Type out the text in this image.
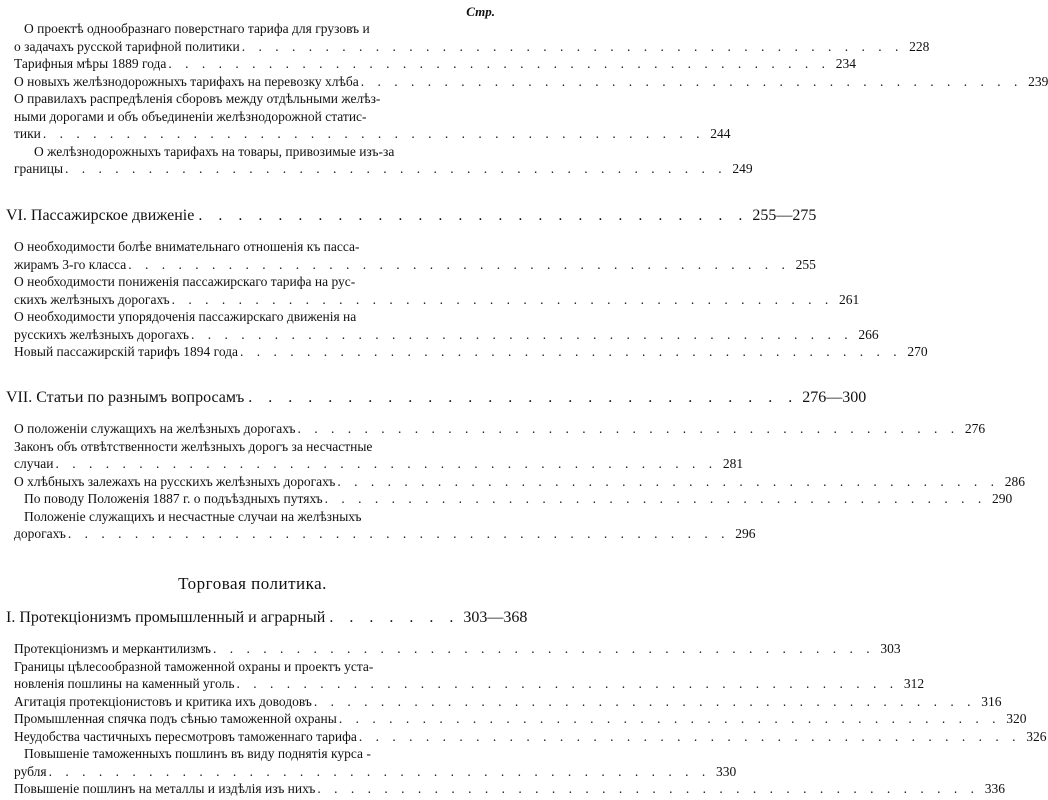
Стр.
О проектѣ однообразнаго поверстнаго тарифа для грузовъ и
о задачахъ русской тарифной политики . . . . . . . . . . . . . . . . . . . . . . . . . . . . . . . . . . . . . . . . 228
Тарифныя мѣры 1889 года . . . . . . . . . . . . . . . . . . . . . . . . . . . . . . . . . . . . . . . . 234
О новыхъ желѣзнодорожныхъ тарифахъ на перевозку хлѣба . . . . . . . . . . . . . . . . . . . . . . . . . . . . . . . . . . . . . . . . 239
О правилахъ распредѣленія сборовъ между отдѣльными желѣз-
ными дорогами и объ объединеніи желѣзнодорожной статис-
тики . . . . . . . . . . . . . . . . . . . . . . . . . . . . . . . . . . . . . . . . 244
О желѣзнодорожныхъ тарифахъ на товары, привозимые изъ-за
границы . . . . . . . . . . . . . . . . . . . . . . . . . . . . . . . . . . . . . . . . 249
VI. Пассажирское движеніе . . . . . . . . . . . . . . . . . . . . . . . . . . . . 255—275
О необходимости болѣе внимательнаго отношенія къ пасса-
жирамъ 3-го класса . . . . . . . . . . . . . . . . . . . . . . . . . . . . . . . . . . . . . . . . 255
О необходимости пониженія пассажирскаго тарифа на рус-
скихъ желѣзныхъ дорогахъ . . . . . . . . . . . . . . . . . . . . . . . . . . . . . . . . . . . . . . . . 261
О необходимости упорядоченія пассажирскаго движенія на
русскихъ желѣзныхъ дорогахъ . . . . . . . . . . . . . . . . . . . . . . . . . . . . . . . . . . . . . . . . 266
Новый пассажирскій тарифъ 1894 года . . . . . . . . . . . . . . . . . . . . . . . . . . . . . . . . . . . . . . . . 270
VII. Статьи по разнымъ вопросамъ . . . . . . . . . . . . . . . . . . . . . . . . . . . . 276—300
О положеніи служащихъ на желѣзныхъ дорогахъ . . . . . . . . . . . . . . . . . . . . . . . . . . . . . . . . . . . . . . . . 276
Законъ объ отвѣтственности желѣзныхъ дорогъ за несчастные
случаи . . . . . . . . . . . . . . . . . . . . . . . . . . . . . . . . . . . . . . . . 281
О хлѣбныхъ залежахъ на русскихъ желѣзныхъ дорогахъ . . . . . . . . . . . . . . . . . . . . . . . . . . . . . . . . . . . . . . . . 286
По поводу Положенія 1887 г. о подъѣздныхъ путяхъ . . . . . . . . . . . . . . . . . . . . . . . . . . . . . . . . . . . . . . . . 290
Положеніе служащихъ и несчастные случаи на желѣзныхъ
дорогахъ . . . . . . . . . . . . . . . . . . . . . . . . . . . . . . . . . . . . . . . . 296
Торговая политика.
I. Протекціонизмъ промышленный и аграрный . . . . . . . 303—368
Протекціонизмъ и меркантилизмъ . . . . . . . . . . . . . . . . . . . . . . . . . . . . . . . . . . . . . . . . 303
Границы цѣлесообразной таможенной охраны и проектъ уста-
новленія пошлины на каменный уголь . . . . . . . . . . . . . . . . . . . . . . . . . . . . . . . . . . . . . . . . 312
Агитація протекціонистовъ и критика ихъ доводовъ . . . . . . . . . . . . . . . . . . . . . . . . . . . . . . . . . . . . . . . . 316
Промышленная спячка подъ сѣнью таможенной охраны . . . . . . . . . . . . . . . . . . . . . . . . . . . . . . . . . . . . . . . . 320
Неудобства частичныхъ пересмотровъ таможеннаго тарифа . . . . . . . . . . . . . . . . . . . . . . . . . . . . . . . . . . . . . . . . 326
Повышеніе таможенныхъ пошлинъ въ виду поднятія курса -
рубля . . . . . . . . . . . . . . . . . . . . . . . . . . . . . . . . . . . . . . . . 330
Повышеніе пошлинъ на металлы и издѣлія изъ нихъ . . . . . . . . . . . . . . . . . . . . . . . . . . . . . . . . . . . . . . . . 336
